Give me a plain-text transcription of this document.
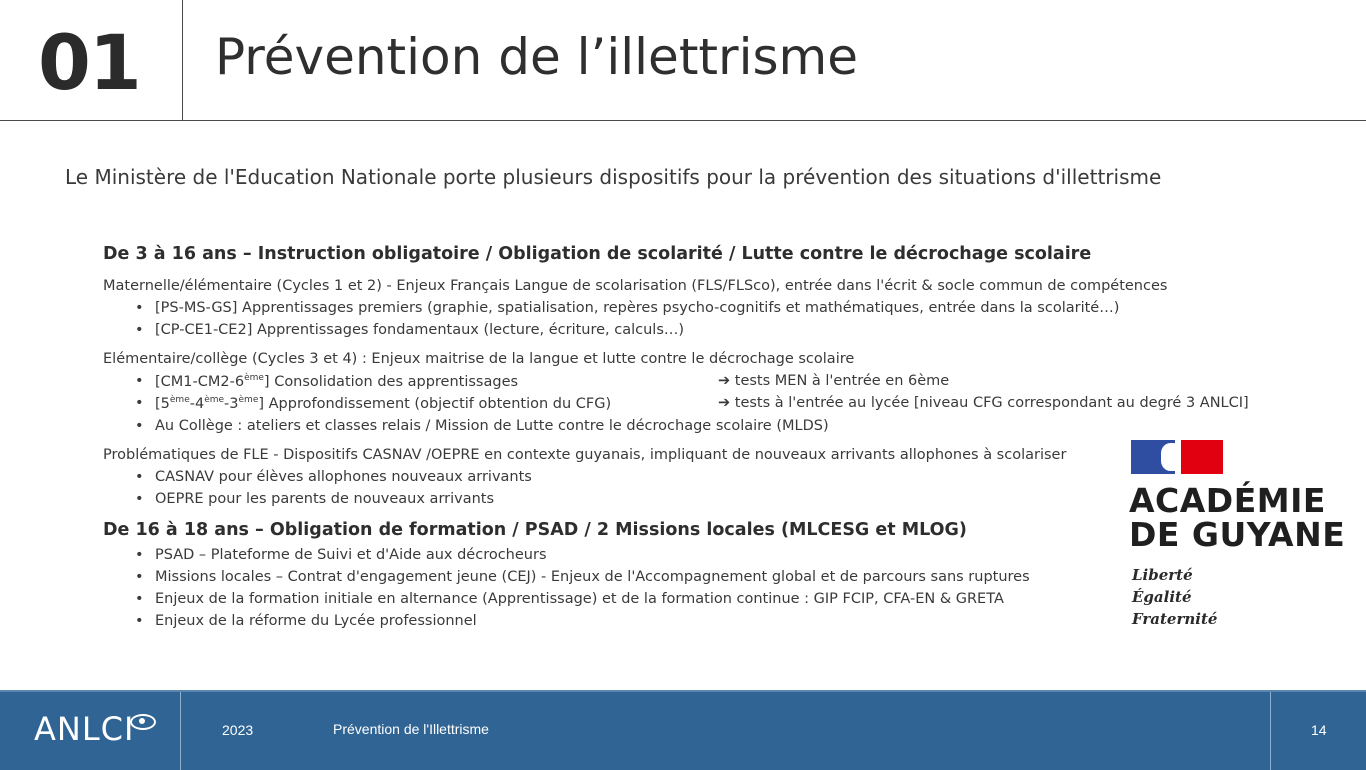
01 Prévention de l’illettrisme
Le Ministère de l'Education Nationale porte plusieurs dispositifs pour la prévention des situations d'illettrisme
De 3 à 16 ans – Instruction obligatoire / Obligation de scolarité / Lutte contre le décrochage scolaire
Maternelle/élémentaire (Cycles 1 et 2) - Enjeux Français Langue de scolarisation (FLS/FLSco), entrée dans l'écrit & socle commun de compétences
• [PS-MS-GS] Apprentissages premiers (graphie, spatialisation, repères psycho-cognitifs et mathématiques, entrée dans la scolarité…)
• [CP-CE1-CE2] Apprentissages fondamentaux (lecture, écriture, calculs…)
Elémentaire/collège (Cycles 3 et 4) : Enjeux maitrise de la langue et lutte contre le décrochage scolaire
• [CM1-CM2-6ème] Consolidation des apprentissages	➔ tests MEN à l'entrée en 6ème
• [5ème-4ème-3ème] Approfondissement (objectif obtention du CFG)	➔ tests à l'entrée au lycée [niveau CFG correspondant au degré 3 ANLCI]
• Au Collège : ateliers et classes relais / Mission de Lutte contre le décrochage scolaire (MLDS)
Problématiques de FLE - Dispositifs CASNAV /OEPRE en contexte guyanais, impliquant de nouveaux arrivants allophones à scolariser
• CASNAV pour élèves allophones nouveaux arrivants
• OEPRE pour les parents de nouveaux arrivants
De 16 à 18 ans – Obligation de formation / PSAD / 2 Missions locales (MLCESG et MLOG)
• PSAD – Plateforme de Suivi et d'Aide aux décrocheurs
• Missions locales – Contrat d'engagement jeune (CEJ) - Enjeux de l'Accompagnement global et de parcours sans ruptures
• Enjeux de la formation initiale en alternance (Apprentissage) et de la formation continue : GIP FCIP, CFA-EN & GRETA
• Enjeux de la réforme du Lycée professionnel
ACADÉMIE
DE GUYANE
Liberté
Égalité
Fraternité
ANLCI	2023	Prévention de l'Illettrisme	14
